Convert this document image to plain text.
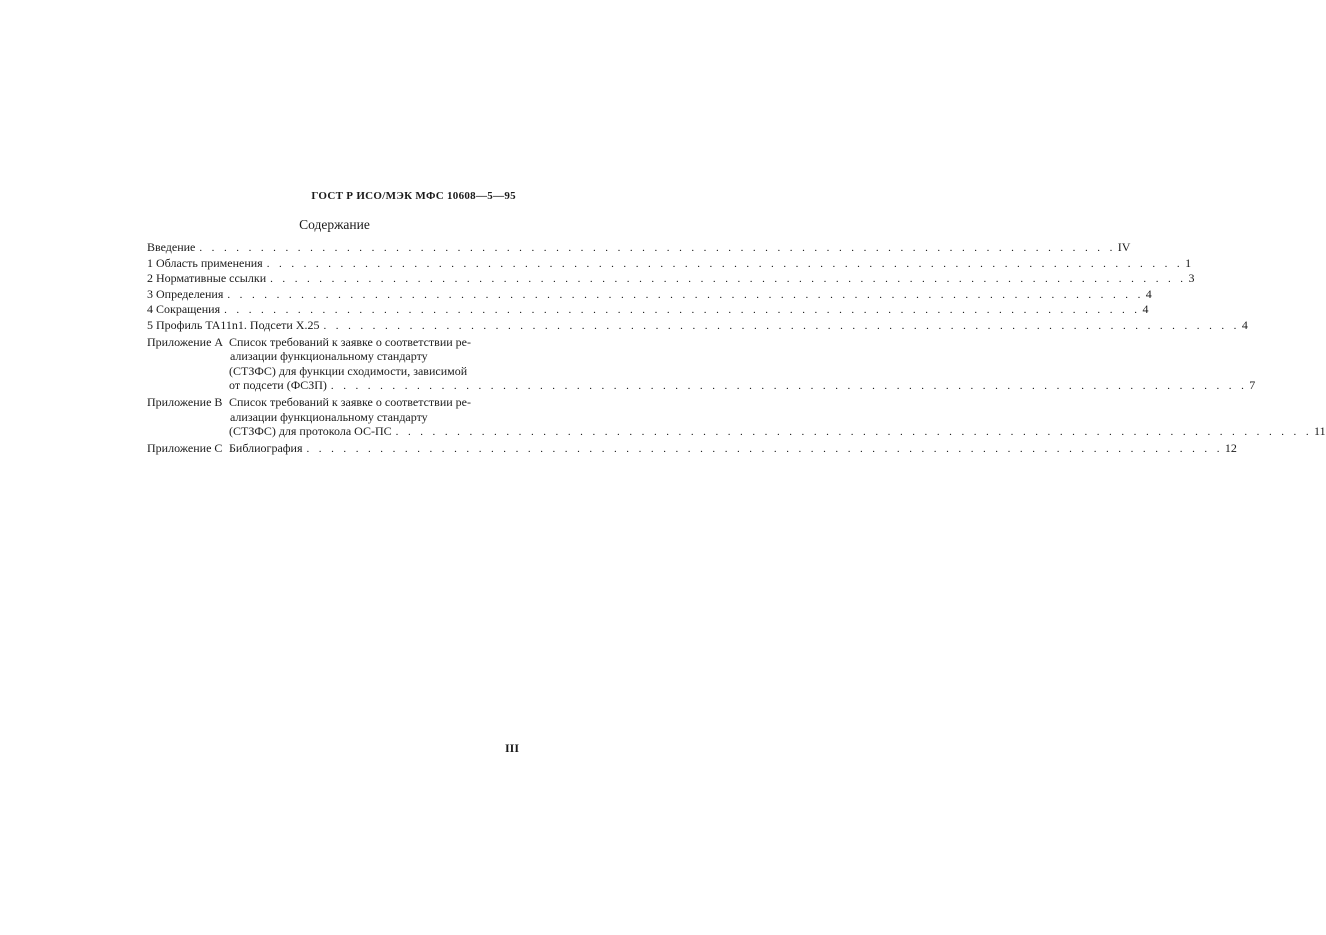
ГОСТ Р ИСО/МЭК МФС 10608—5—95
Содержание
Введение . . .	IV
1 Область применения . . .	1
2 Нормативные ссылки . . .	3
3 Определения . . .	4
4 Сокращения . . .	4
5 Профиль TA11n1. Подсети X.25 . . .	4
Приложение А Список требований к заявке о соответствии ре-
ализации функциональному стандарту
(СТЗФС) для функции сходимости, зависимой
от подсети (ФСЗП) . . .	7
Приложение В Список требований к заявке о соответствии ре-
ализации функциональному стандарту
(СТЗФС) для протокола ОС-ПС . . .	11
Приложение С Библиография . . .	12
III
